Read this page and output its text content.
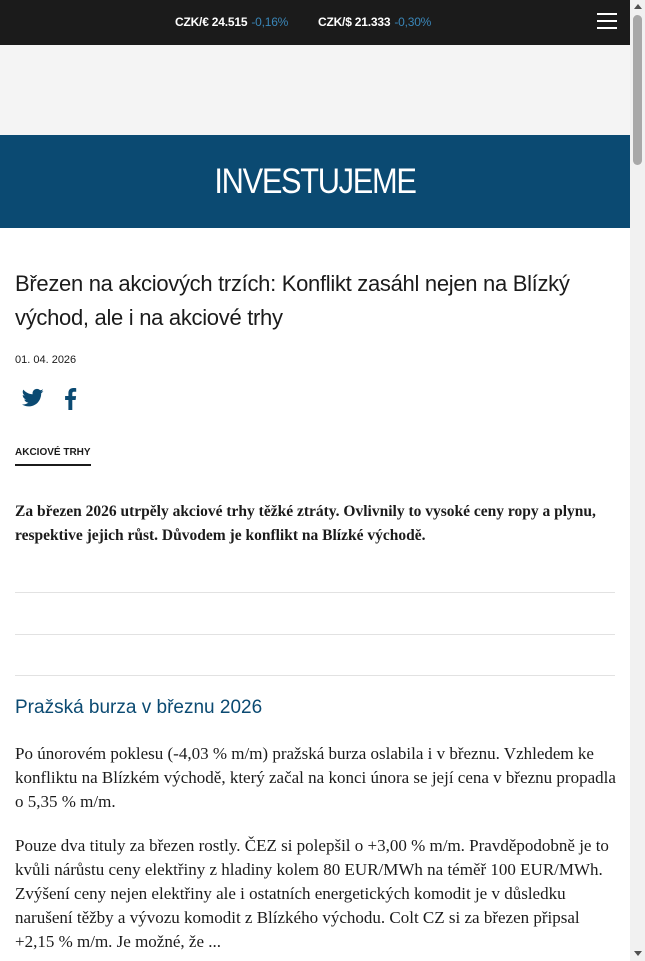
CZK/€ 24.515 -0,16% CZK/$ 21.333 -0,30%
INVESTUJEME
Březen na akciových trzích: Konflikt zasáhl nejen na Blízký východ, ale i na akciové trhy
01. 04. 2026
AKCIOVÉ TRHY

Za březen 2026 utrpěly akciové trhy těžké ztráty. Ovlivnily to vysoké ceny ropy a plynu, respektive jejich růst. Důvodem je konflikt na Blízké východě.

Pražská burza v březnu 2026

Po únorovém poklesu (-4,03 % m/m) pražská burza oslabila i v březnu. Vzhledem ke konfliktu na Blízkém východě, který začal na konci února se její cena v březnu propadla o 5,35 % m/m.

Pouze dva tituly za březen rostly. ČEZ si polepšil o +3,00 % m/m. Pravděpodobně je to kvůli nárůstu ceny elektřiny z hladiny kolem 80 EUR/MWh na téměř 100 EUR/MWh. Zvýšení ceny nejen elektřiny ale i ostatních energetických komodit je v důsledku narušení těžby a vývozu komodit z Blízkého východu. Colt CZ si za březen připsal +2,15 % m/m. Je možné, že ...
